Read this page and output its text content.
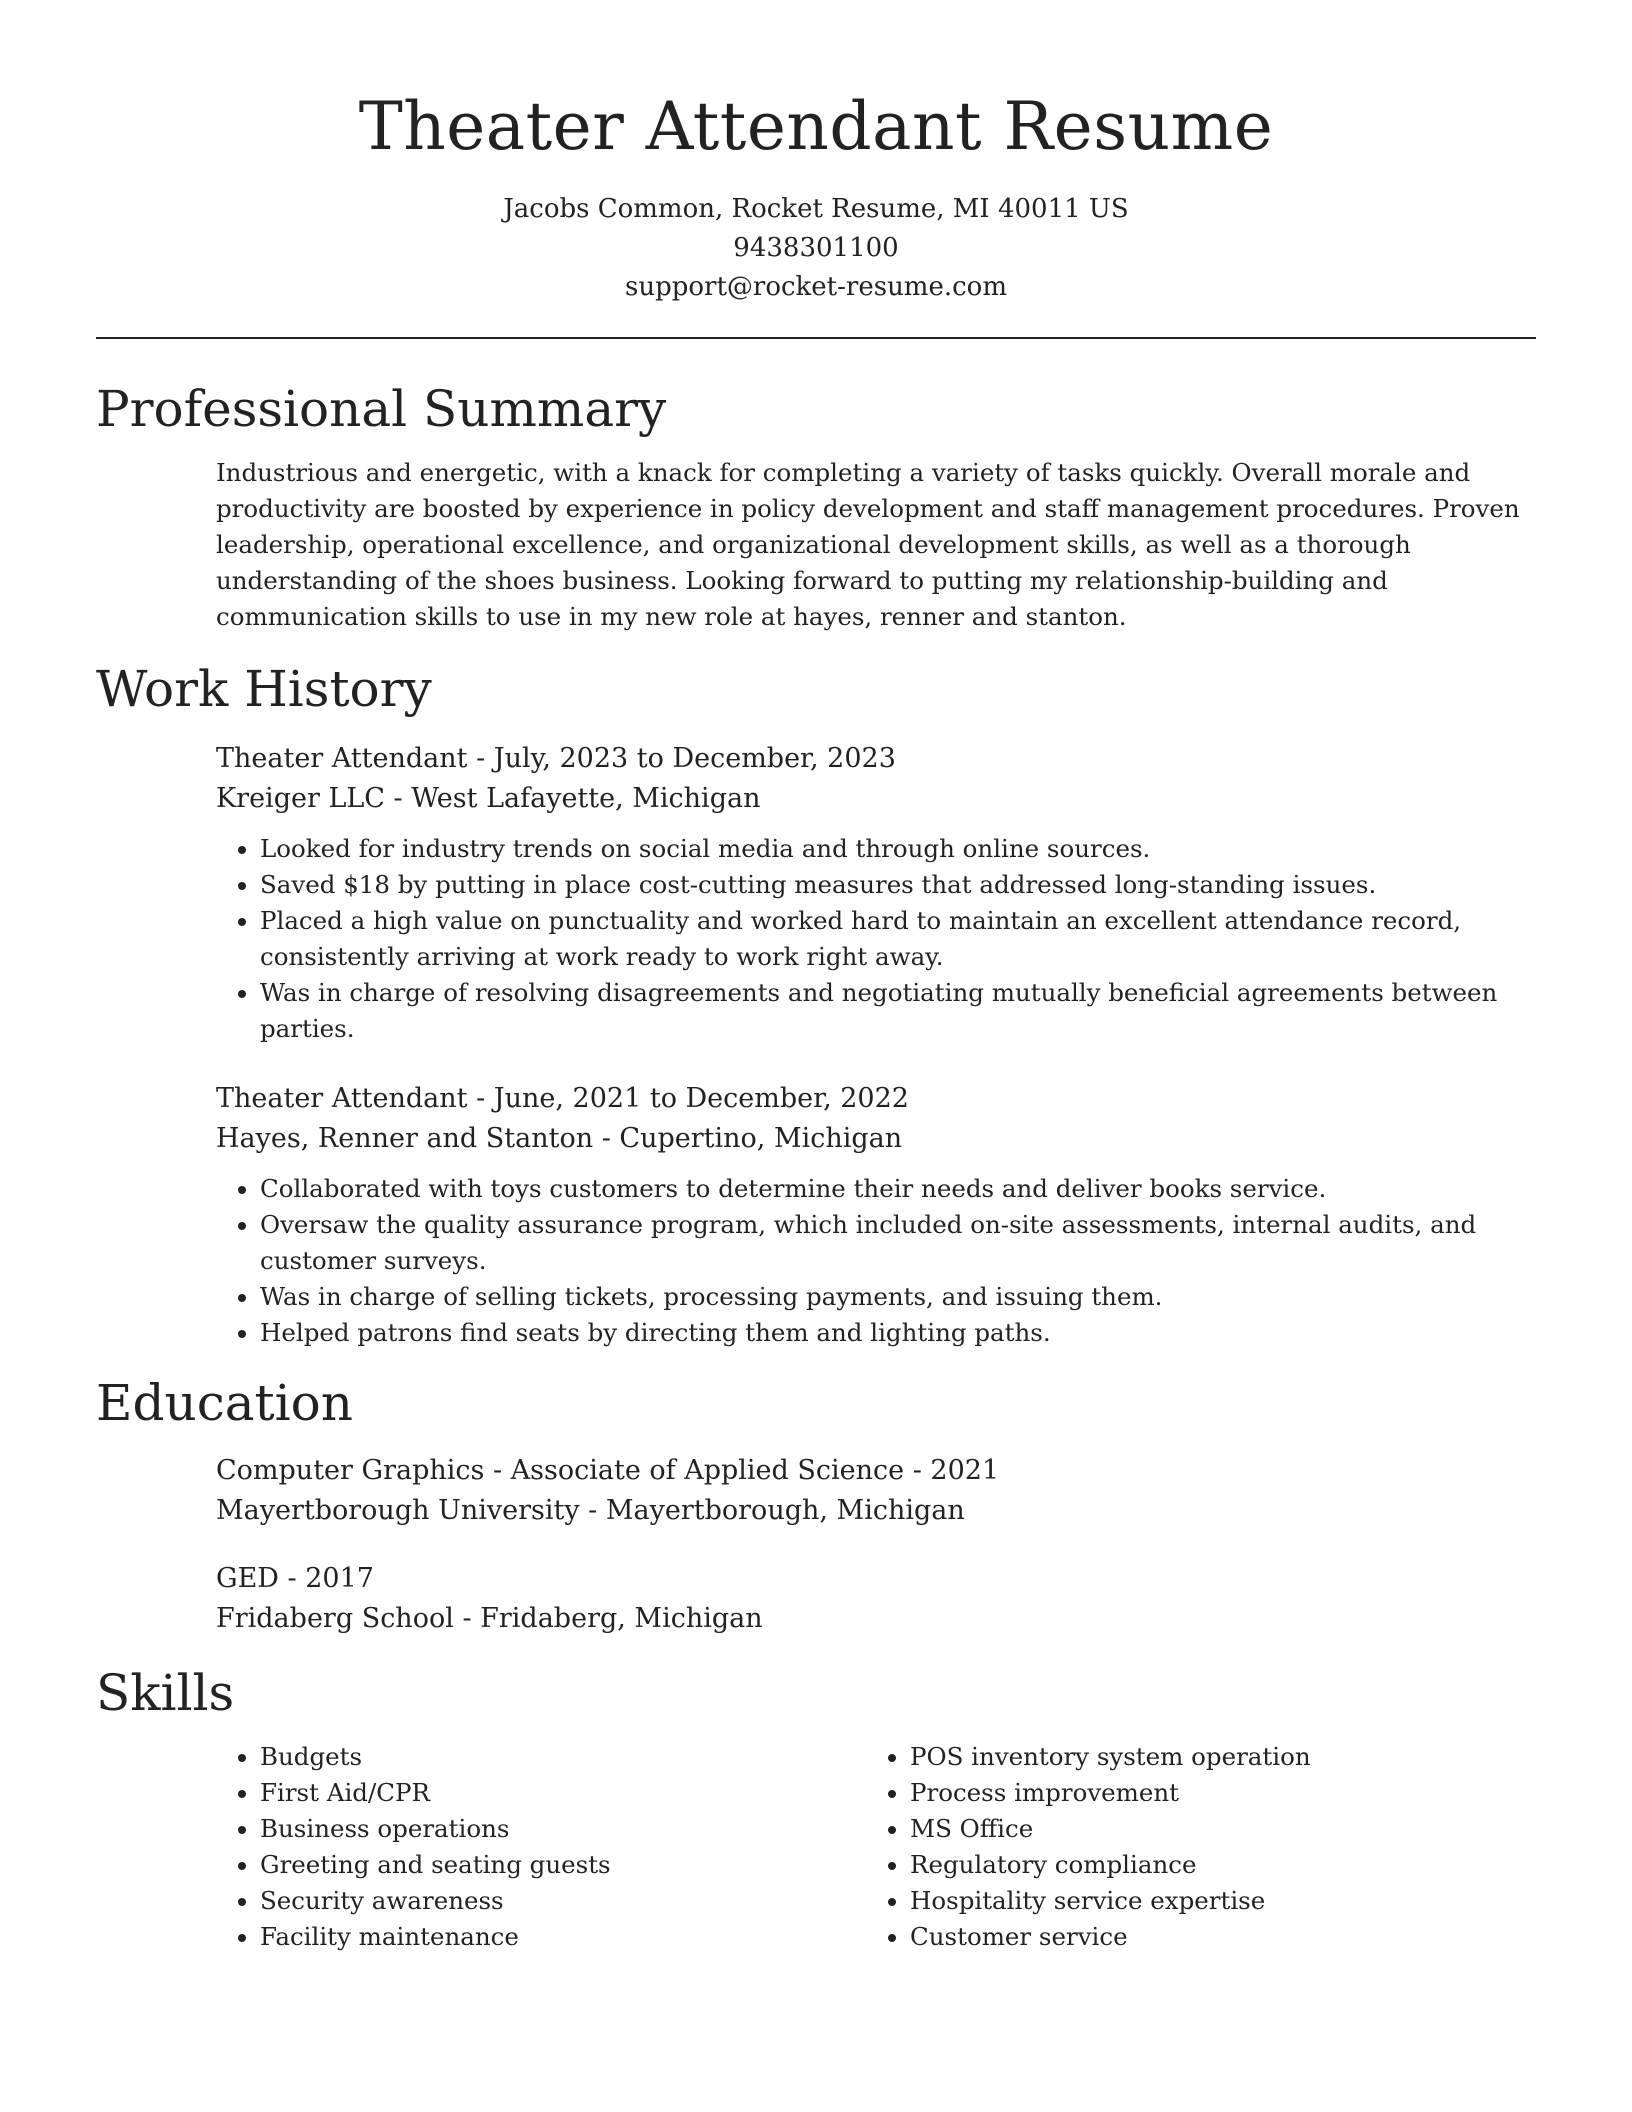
Theater Attendant Resume
Jacobs Common, Rocket Resume, MI 40011 US
9438301100
support@rocket-resume.com
Professional Summary

Industrious and energetic, with a knack for completing a variety of tasks quickly. Overall morale and productivity are boosted by experience in policy development and staff management procedures. Proven leadership, operational excellence, and organizational development skills, as well as a thorough understanding of the shoes business. Looking forward to putting my relationship-building and communication skills to use in my new role at hayes, renner and stanton.

Work History
Theater Attendant - July, 2023 to December, 2023
Kreiger LLC - West Lafayette, Michigan
• Looked for industry trends on social media and through online sources.
• Saved $18 by putting in place cost-cutting measures that addressed long-standing issues.
• Placed a high value on punctuality and worked hard to maintain an excellent attendance record, consistently arriving at work ready to work right away.
• Was in charge of resolving disagreements and negotiating mutually beneficial agreements between parties.
Theater Attendant - June, 2021 to December, 2022
Hayes, Renner and Stanton - Cupertino, Michigan
• Collaborated with toys customers to determine their needs and deliver books service.
• Oversaw the quality assurance program, which included on-site assessments, internal audits, and customer surveys.
• Was in charge of selling tickets, processing payments, and issuing them.
• Helped patrons find seats by directing them and lighting paths.
Education
Computer Graphics - Associate of Applied Science - 2021
Mayertborough University - Mayertborough, Michigan
GED - 2017
Fridaberg School - Fridaberg, Michigan
Skills
• Budgets
• First Aid/CPR
• Business operations
• Greeting and seating guests
• Security awareness
• Facility maintenance
• POS inventory system operation
• Process improvement
• MS Office
• Regulatory compliance
• Hospitality service expertise
• Customer service
